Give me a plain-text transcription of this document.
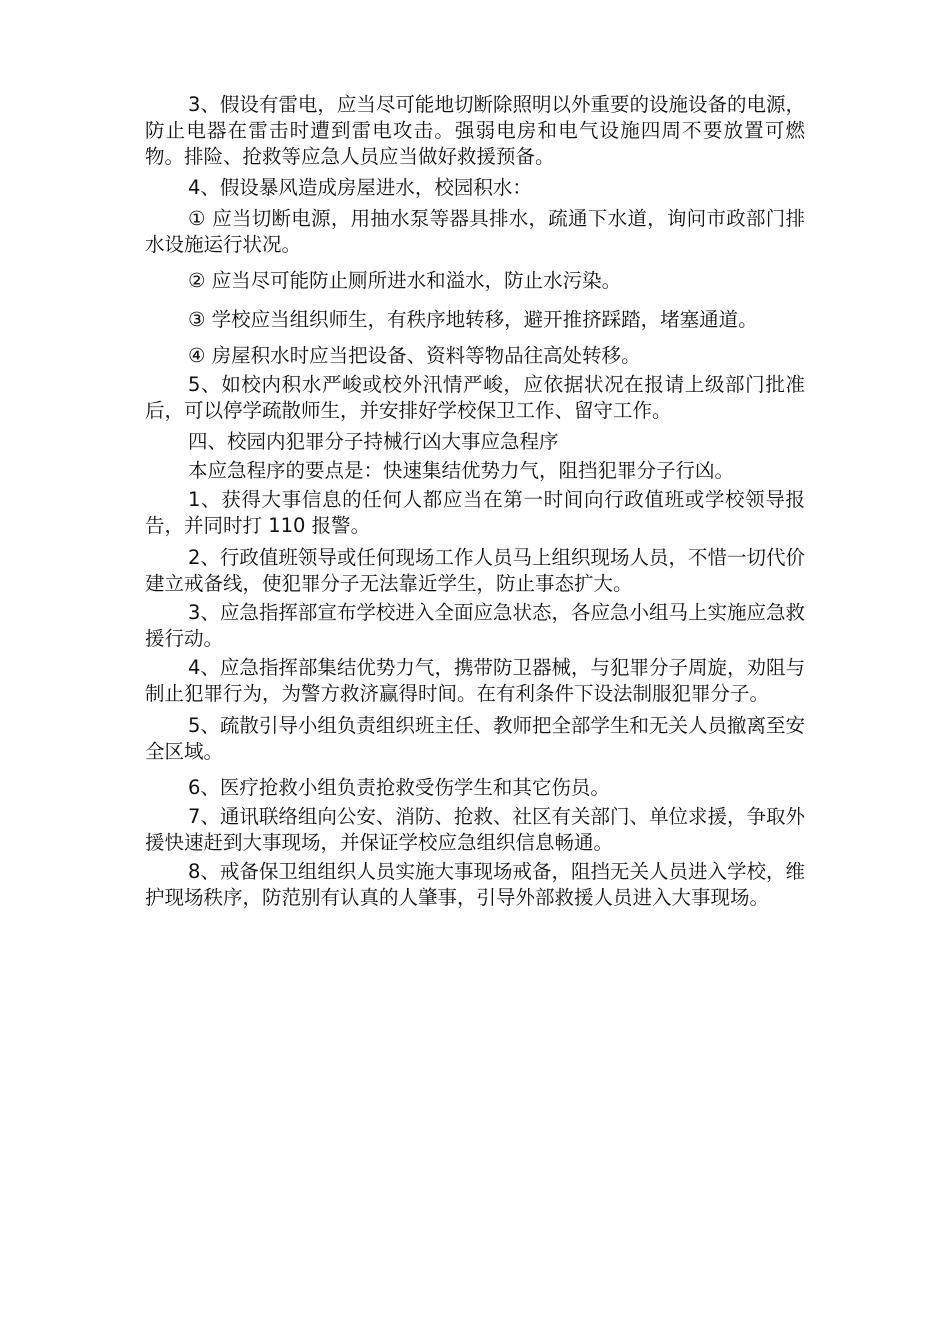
3、假设有雷电，应当尽可能地切断除照明以外重要的设施设备的电源，防止电器在雷击时遭到雷电攻击。强弱电房和电气设施四周不要放置可燃物。排险、抢救等应急人员应当做好救援预备。

4、假设暴风造成房屋进水，校园积水：

① 应当切断电源，用抽水泵等器具排水，疏通下水道，询问市政部门排水设施运行状况。

② 应当尽可能防止厕所进水和溢水，防止水污染。

③ 学校应当组织师生，有秩序地转移，避开推挤踩踏，堵塞通道。

④ 房屋积水时应当把设备、资料等物品往高处转移。

5、如校内积水严峻或校外汛情严峻，应依据状况在报请上级部门批准后，可以停学疏散师生，并安排好学校保卫工作、留守工作。

四、校园内犯罪分子持械行凶大事应急程序

本应急程序的要点是：快速集结优势力气，阻挡犯罪分子行凶。

1、获得大事信息的任何人都应当在第一时间向行政值班或学校领导报告，并同时打 110 报警。

2、行政值班领导或任何现场工作人员马上组织现场人员，不惜一切代价建立戒备线，使犯罪分子无法靠近学生，防止事态扩大。

3、应急指挥部宣布学校进入全面应急状态，各应急小组马上实施应急救援行动。

4、应急指挥部集结优势力气，携带防卫器械，与犯罪分子周旋，劝阻与制止犯罪行为，为警方救济赢得时间。在有利条件下设法制服犯罪分子。

5、疏散引导小组负责组织班主任、教师把全部学生和无关人员撤离至安全区域。

6、医疗抢救小组负责抢救受伤学生和其它伤员。

7、通讯联络组向公安、消防、抢救、社区有关部门、单位求援，争取外援快速赶到大事现场，并保证学校应急组织信息畅通。

8、戒备保卫组组织人员实施大事现场戒备，阻挡无关人员进入学校，维护现场秩序，防范别有认真的人肇事，引导外部救援人员进入大事现场。
